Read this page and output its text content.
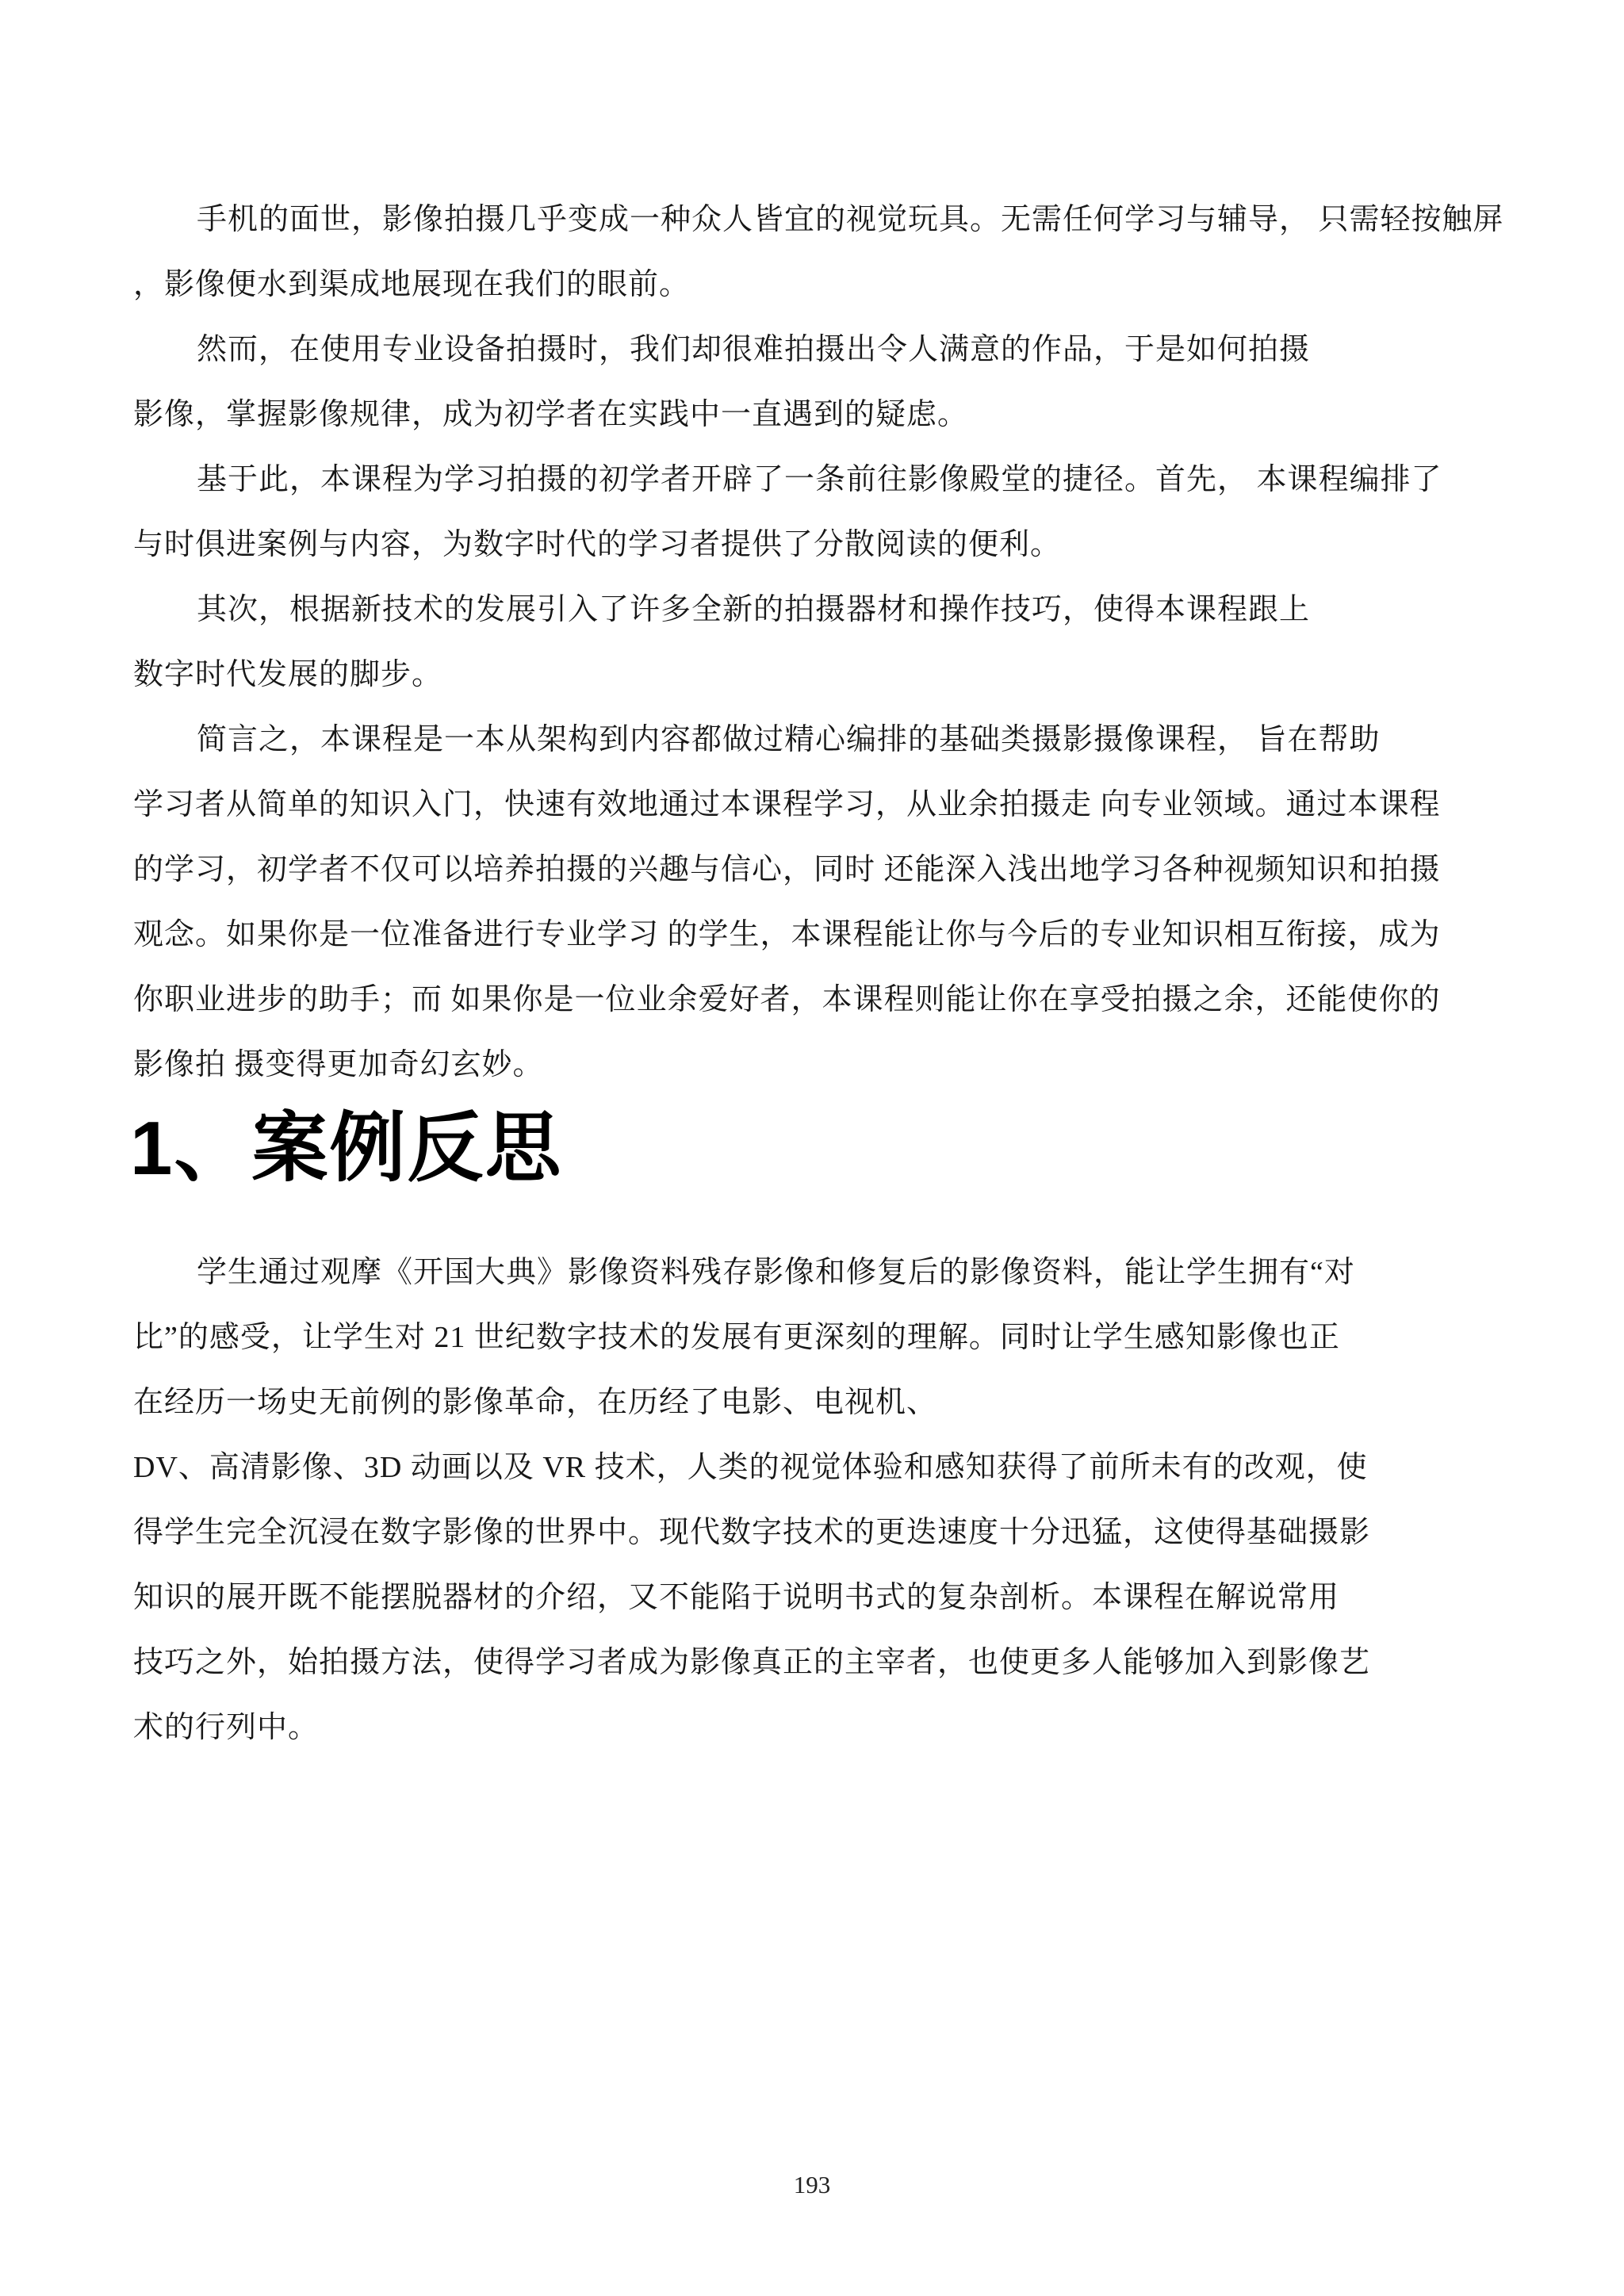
手机的面世，影像拍摄几乎变成一种众人皆宜的视觉玩具。无需任何学习与辅导， 只需轻按触屏
，影像便水到渠成地展现在我们的眼前。
然而，在使用专业设备拍摄时，我们却很难拍摄出令人满意的作品，于是如何拍摄
影像，掌握影像规律，成为初学者在实践中一直遇到的疑虑。
基于此，本课程为学习拍摄的初学者开辟了一条前往影像殿堂的捷径。首先， 本课程编排了
与时俱进案例与内容，为数字时代的学习者提供了分散阅读的便利。
其次，根据新技术的发展引入了许多全新的拍摄器材和操作技巧，使得本课程跟上
数字时代发展的脚步。
简言之，本课程是一本从架构到内容都做过精心编排的基础类摄影摄像课程， 旨在帮助
学习者从简单的知识入门，快速有效地通过本课程学习，从业余拍摄走 向专业领域。通过本课程
的学习，初学者不仅可以培养拍摄的兴趣与信心，同时 还能深入浅出地学习各种视频知识和拍摄
观念。如果你是一位准备进行专业学习 的学生，本课程能让你与今后的专业知识相互衔接，成为
你职业进步的助手；而 如果你是一位业余爱好者，本课程则能让你在享受拍摄之余，还能使你的
影像拍 摄变得更加奇幻玄妙。
1、案例反思
学生通过观摩《开国大典》影像资料残存影像和修复后的影像资料，能让学生拥有“对
比”的感受，让学生对 21 世纪数字技术的发展有更深刻的理解。同时让学生感知影像也正
在经历一场史无前例的影像革命，在历经了电影、电视机、
DV、高清影像、3D 动画以及 VR 技术，人类的视觉体验和感知获得了前所未有的改观，使
得学生完全沉浸在数字影像的世界中。现代数字技术的更迭速度十分迅猛，这使得基础摄影
知识的展开既不能摆脱器材的介绍，又不能陷于说明书式的复杂剖析。本课程在解说常用
技巧之外，始拍摄方法，使得学习者成为影像真正的主宰者，也使更多人能够加入到影像艺
术的行列中。
193
